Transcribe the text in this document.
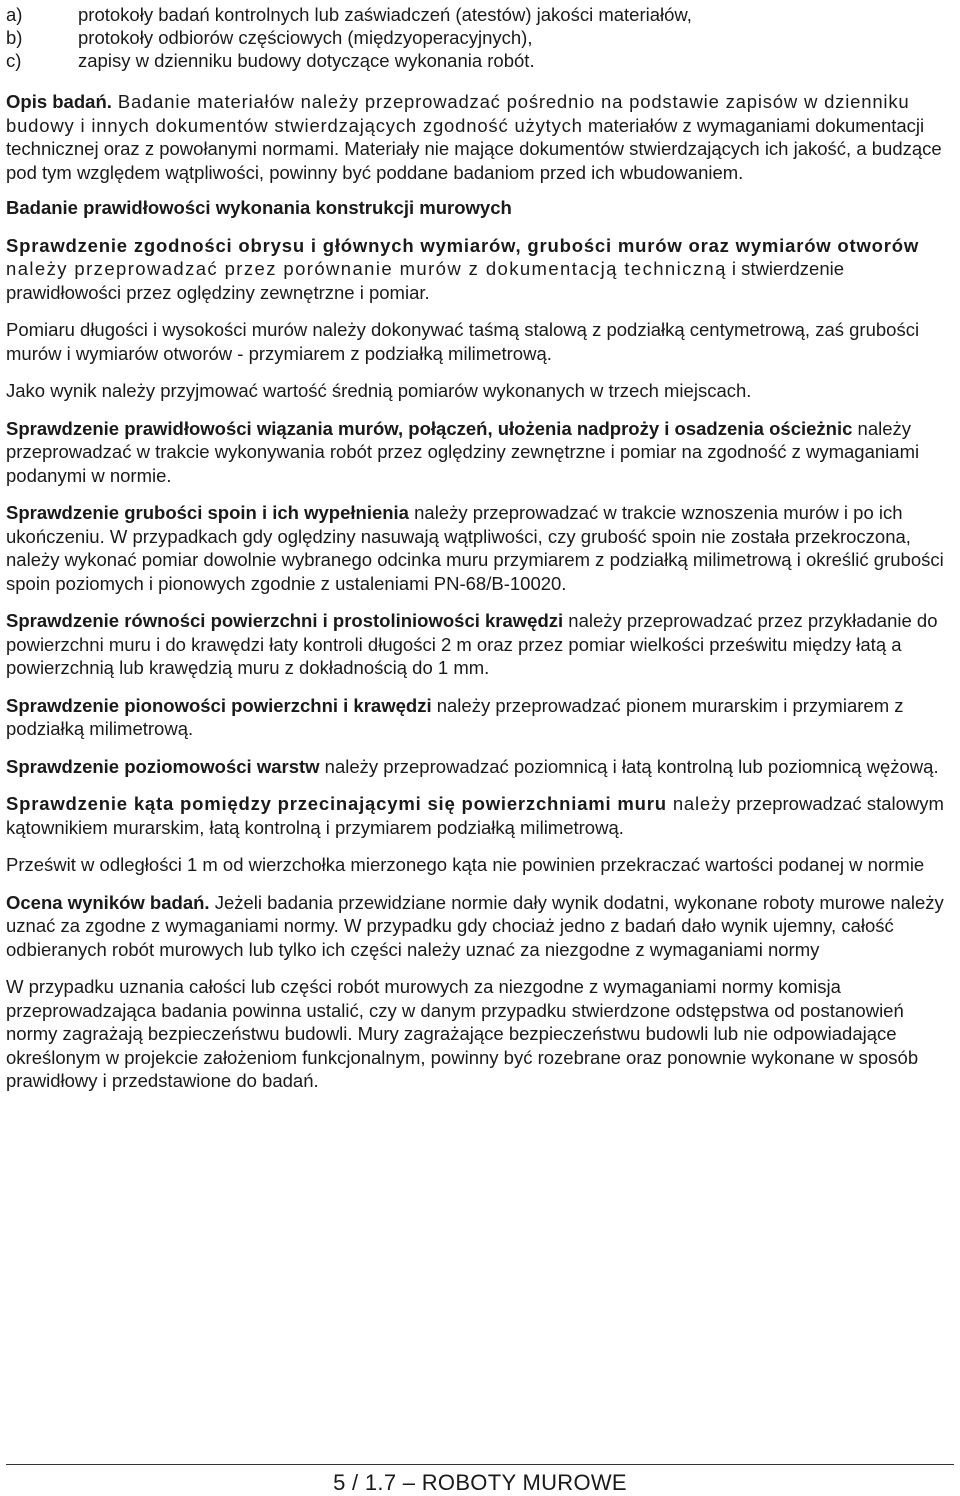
a)	protokoły badań kontrolnych lub zaświadczeń (atestów) jakości materiałów,
b)	protokoły odbiorów częściowych (międzyoperacyjnych),
c)	zapisy w dzienniku budowy dotyczące wykonania robót.

Opis badań. Badanie materiałów należy przeprowadzać pośrednio na podstawie zapisów w dzienniku budowy i innych dokumentów stwierdzających zgodność użytych materiałów z wymaganiami dokumentacji technicznej oraz z powołanymi normami. Materiały nie mające dokumentów stwierdzających ich jakość, a budzące pod tym względem wątpliwości, powinny być poddane badaniom przed ich wbudowaniem.

Badanie prawidłowości wykonania konstrukcji murowych

Sprawdzenie zgodności obrysu i głównych wymiarów, grubości murów oraz wymiarów otworów należy przeprowadzać przez porównanie murów z dokumentacją techniczną i stwierdzenie prawidłowości przez oględziny zewnętrzne i pomiar.

Pomiaru długości i wysokości murów należy dokonywać taśmą stalową z podziałką centymetrową, zaś grubości murów i wymiarów otworów - przymiarem z podziałką milimetrową.

Jako wynik należy przyjmować wartość średnią pomiarów wykonanych w trzech miejscach.

Sprawdzenie prawidłowości wiązania murów, połączeń, ułożenia nadproży i osadzenia ościeżnic należy przeprowadzać w trakcie wykonywania robót przez oględziny zewnętrzne i pomiar na zgodność z wymaganiami podanymi w normie.

Sprawdzenie grubości spoin i ich wypełnienia należy przeprowadzać w trakcie wznoszenia murów i po ich ukończeniu. W przypadkach gdy oględziny nasuwają wątpliwości, czy grubość spoin nie została przekroczona, należy wykonać pomiar dowolnie wybranego odcinka muru przymiarem z podziałką milimetrową i określić grubości spoin poziomych i pionowych zgodnie z ustaleniami PN-68/B-10020.

Sprawdzenie równości powierzchni i prostoliniowości krawędzi należy przeprowadzać przez przykładanie do powierzchni muru i do krawędzi łaty kontroli długości 2 m oraz przez pomiar wielkości prześwitu między łatą a powierzchnią lub krawędzią muru z dokładnością do 1 mm.

Sprawdzenie pionowości powierzchni i krawędzi należy przeprowadzać pionem murarskim i przymiarem z podziałką milimetrową.

Sprawdzenie poziomowości warstw należy przeprowadzać poziomnicą i łatą kontrolną lub poziomnicą wężową.

Sprawdzenie kąta pomiędzy przecinającymi się powierzchniami muru należy przeprowadzać stalowym kątownikiem murarskim, łatą kontrolną i przymiarem podziałką milimetrową.

Prześwit w odległości 1 m od wierzchołka mierzonego kąta nie powinien przekraczać wartości podanej w normie

Ocena wyników badań. Jeżeli badania przewidziane normie dały wynik dodatni, wykonane roboty murowe należy uznać za zgodne z wymaganiami normy. W przypadku gdy chociaż jedno z badań dało wynik ujemny, całość odbieranych robót murowych lub tylko ich części należy uznać za niezgodne z wymaganiami normy

W przypadku uznania całości lub części robót murowych za niezgodne z wymaganiami normy komisja przeprowadzająca badania powinna ustalić, czy w danym przypadku stwierdzone odstępstwa od postanowień normy zagrażają bezpieczeństwu budowli. Mury zagrażające bezpieczeństwu budowli lub nie odpowiadające określonym w projekcie założeniom funkcjonalnym, powinny być rozebrane oraz ponownie wykonane w sposób prawidłowy i przedstawione do badań.

5 / 1.7 – ROBOTY MUROWE
